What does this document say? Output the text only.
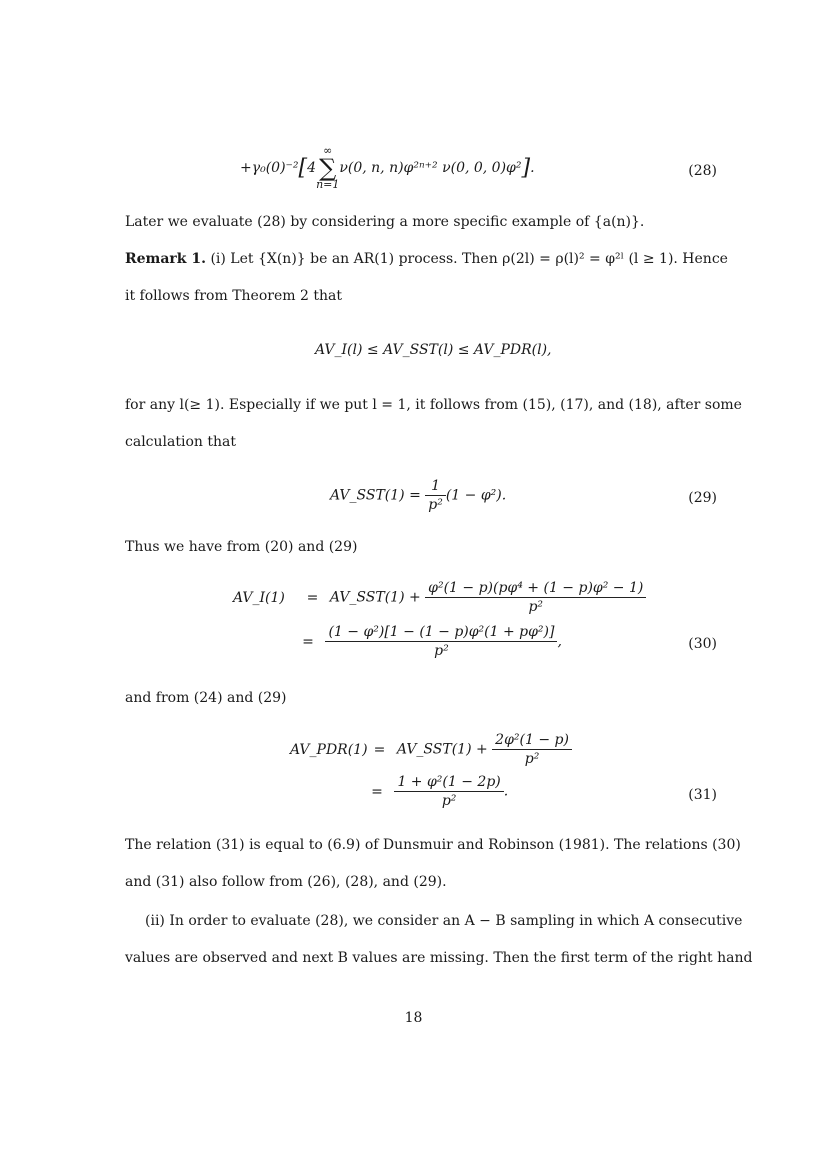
+γ₀(0)⁻²[4∞
∑
n=1ν(0, n, n)φ²ⁿ⁺² ν(0, 0, 0)φ²].	(28)
Later we evaluate (28) by considering a more specific example of {a(n)}.
Remark 1. (i) Let {X(n)} be an AR(1) process. Then ρ(2l) = ρ(l)² = φ²ˡ (l ≥ 1). Hence
it follows from Theorem 2 that
AV_I(l) ≤ AV_SST(l) ≤ AV_PDR(l),
for any l(≥ 1). Especially if we put l = 1, it follows from (15), (17), and (18), after some
calculation that
AV_SST(1) = $\frac{1}{\text{p²}} (1 - \varphi^2)$.	(29)
Thus we have from (20) and (29)
AV_I(1) = AV_SST(1) + $\frac{\text{φ²(1 − p)(pφ⁴ + (1 − p)φ² − 1)}}{\text{p²}}$
= $\frac{\text{(1 − φ²)[1 − (1 − p)φ²(1 + pφ²)]}}{\text{p²}}$ ,	(30)
and from (24) and (29)
AV_PDR(1) = AV_SST(1) + $\frac{\text{2φ²(1 − p)}}{\text{p²}}$
= $\frac{\text{1 + φ²(1 − 2p)}}{\text{p²}}$ .	(31)
The relation (31) is equal to (6.9) of Dunsmuir and Robinson (1981). The relations (30)
and (31) also follow from (26), (28), and (29).
(ii) In order to evaluate (28), we consider an A − B sampling in which A consecutive
values are observed and next B values are missing. Then the first term of the right hand
18
